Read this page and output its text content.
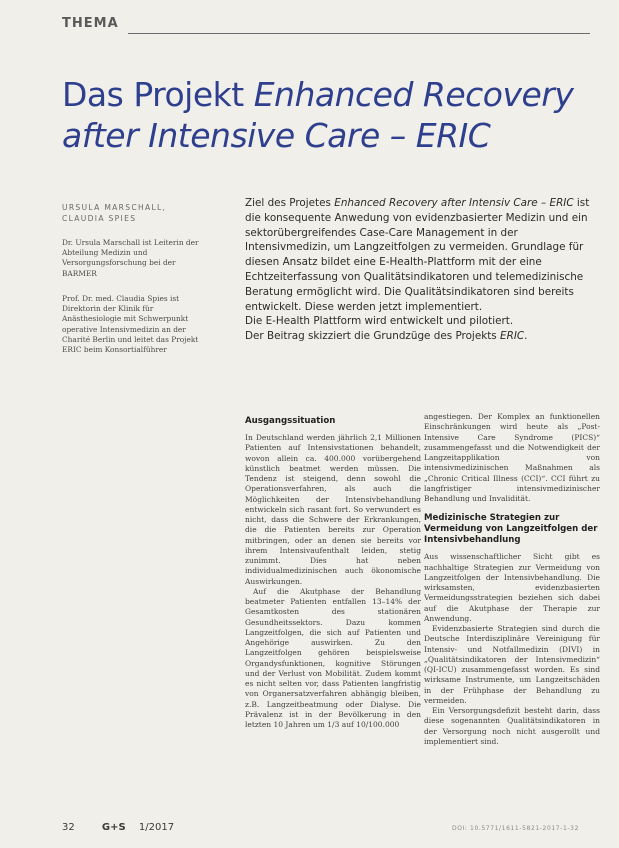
THEMA
Das Projekt Enhanced Recovery
after Intensive Care – ERIC
URSULA MARSCHALL,
CLAUDIA SPIES
Dr. Ursula Marschall ist Leiterin der Abteilung Medizin und Versorgungsforschung bei der BARMER
Prof. Dr. med. Claudia Spies ist Direktorin der Klinik für Anästhesiologie mit Schwerpunkt operative Intensivmedizin an der Charité Berlin und leitet das Projekt ERIC beim Konsortialführer

Ziel des Projetes Enhanced Recovery after Intensiv Care – ERIC ist die konsequente Anwedung von evidenzbasierter Medizin und ein sektorübergreifendes Case-Care Management in der Intensivmedizin, um Langzeitfolgen zu vermeiden. Grundlage für diesen Ansatz bildet eine E-Health-Plattform mit der eine Echtzeiterfassung von Qualitätsindikatoren und telemedizinische Beratung ermöglicht wird. Die Qualitätsindikatoren sind bereits entwickelt. Diese werden jetzt implementiert.

Die E-Health Plattform wird entwickelt und pilotiert.

Der Beitrag skizziert die Grundzüge des Projekts ERIC.

Ausgangssituation

In Deutschland werden jährlich 2,1 Millionen Patienten auf Intensivstationen behandelt, wovon allein ca. 400.000 vorübergehend künstlich beatmet werden müssen. Die Tendenz ist steigend, denn sowohl die Operationsverfahren, als auch die Möglichkeiten der Intensivbehandlung entwickeln sich rasant fort. So verwundert es nicht, dass die Schwere der Erkrankungen, die die Patienten bereits zur Operation mitbringen, oder an denen sie bereits vor ihrem Intensivaufenthalt leiden, stetig zunimmt. Dies hat neben individualmedizinischen auch ökonomische Auswirkungen.

Auf die Akutphase der Behandlung beatmeter Patienten entfallen 13–14% der Gesamtkosten des stationären Gesundheitssektors. Dazu kommen Langzeitfolgen, die sich auf Patienten und Angehörige auswirken. Zu den Langzeitfolgen gehören beispielsweise Organdysfunktionen, kognitive Störungen und der Verlust von Mobilität. Zudem kommt es nicht selten vor, dass Patienten langfristig von Organersatzverfahren abhängig bleiben, z.B. Langzeitbeatmung oder Dialyse. Die Prävalenz ist in der Bevölkerung in den letzten 10 Jahren um 1/3 auf 10/100.000

angestiegen. Der Komplex an funktionellen Einschränkungen wird heute als „Post-Intensive Care Syndrome (PICS)“ zusammengefasst und die Notwendigkeit der Langzeitapplikation von intensivmedizinischen Maßnahmen als „Chronic Critical Illness (CCI)“. CCI führt zu langfristiger intensivmedizinischer Behandlung und Invalidität.

Medizinische Strategien zur Vermeidung von Langzeitfolgen der Intensivbehandlung

Aus wissenschaftlicher Sicht gibt es nachhaltige Strategien zur Vermeidung von Langzeitfolgen der Intensivbehandlung. Die wirksamsten, evidenzbasierten Vermeidungsstrategien beziehen sich dabei auf die Akutphase der Therapie zur Anwendung.

Evidenzbasierte Strategien sind durch die Deutsche Interdisziplinäre Vereinigung für Intensiv- und Notfallmedizin (DIVI) in „Qualitätsindikatoren der Intensivmedizin“ (QI-ICU) zusammengefasst worden. Es sind wirksame Instrumente, um Langzeitschäden in der Frühphase der Behandlung zu vermeiden.

Ein Versorgungsdefizit besteht darin, dass diese sogenannten Qualitätsindikatoren in der Versorgung noch nicht ausgerollt und implementiert sind.

32	G+S 1/2017	DOI: 10.5771/1611-5821-2017-1-32
